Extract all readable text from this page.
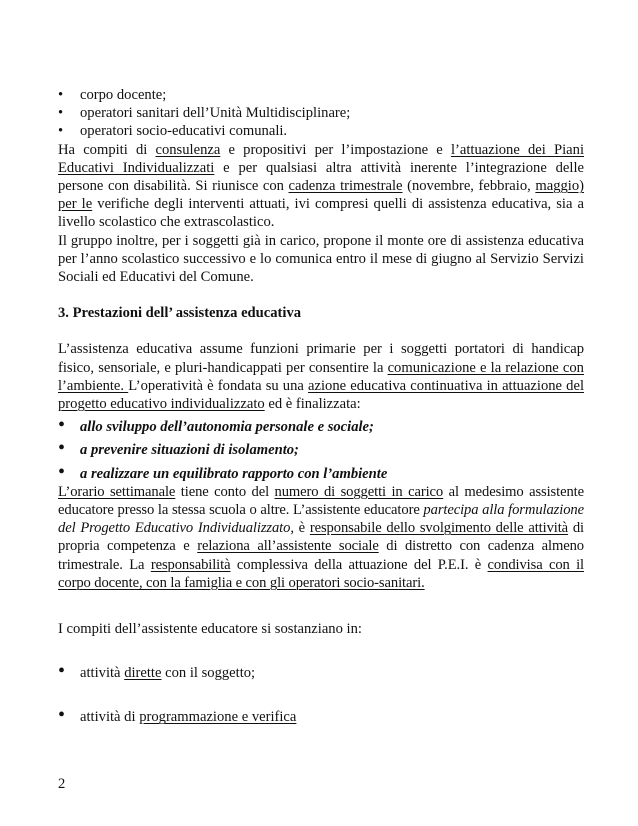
•	corpo docente;
•	operatori sanitari dell’Unità Multidisciplinare;
•	operatori socio-educativi comunali.

Ha compiti di consulenza e propositivi per l’impostazione e l’attuazione dei Piani Educativi Individualizzati e per qualsiasi altra attività inerente l’integrazione delle persone con disabilità. Si riunisce con cadenza trimestrale (novembre, febbraio, maggio) per le verifiche degli interventi attuati, ivi compresi quelli di assistenza educativa, sia a livello scolastico che extrascolastico.

Il gruppo inoltre, per i soggetti già in carico, propone il monte ore di assistenza educativa per l’anno scolastico successivo e lo comunica entro il mese di giugno al Servizio Servizi Sociali ed Educativi del Comune.

3. Prestazioni dell’ assistenza educativa

L’assistenza educativa assume funzioni primarie per i soggetti portatori di handicap fisico, sensoriale, e pluri-handicappati per consentire la comunicazione e la relazione con l’ambiente. L’operatività è fondata su una azione educativa continuativa in attuazione del progetto educativo individualizzato ed è finalizzata:

•	allo sviluppo dell’autonomia personale e sociale;
•	a prevenire situazioni di isolamento;
•	a realizzare un equilibrato rapporto con l’ambiente

L’orario settimanale tiene conto del numero di soggetti in carico al medesimo assistente educatore presso la stessa scuola o altre. L’assistente educatore partecipa alla formulazione del Progetto Educativo Individualizzato, è responsabile dello svolgimento delle attività di propria competenza e relaziona all’assistente sociale di distretto con cadenza almeno trimestrale. La responsabilità complessiva della attuazione del P.E.I. è condivisa con il corpo docente, con la famiglia e con gli operatori socio-sanitari.

I compiti dell’assistente educatore si sostanziano in:

•	attività dirette con il soggetto;
•	attività di programmazione e verifica
2
